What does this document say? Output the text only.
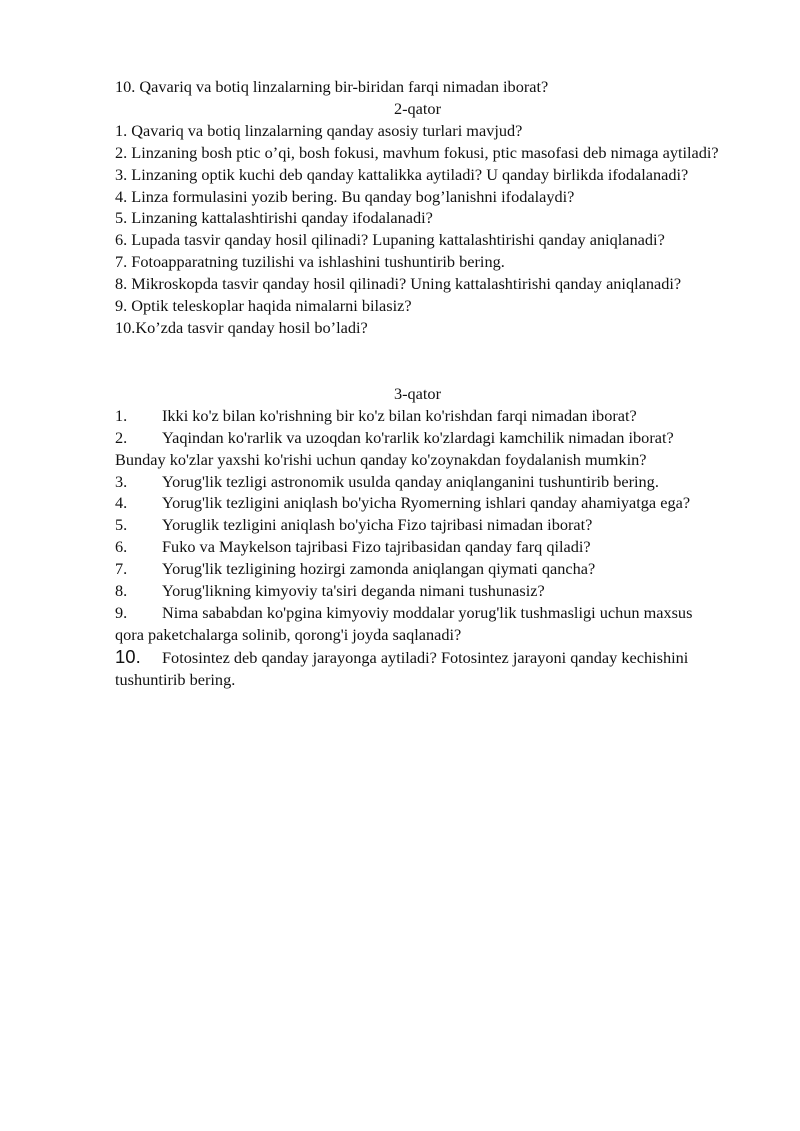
10. Qavariq va botiq linzalarning bir-biridan farqi nimadan iborat?
2-qator
1. Qavariq va botiq linzalarning qanday asosiy turlari mavjud?
2. Linzaning bosh ptic o’qi, bosh fokusi, mavhum fokusi, ptic masofasi deb nimaga aytiladi?
3. Linzaning optik kuchi deb qanday kattalikka aytiladi? U qanday birlikda ifodalanadi?
4. Linza formulasini yozib bering. Bu qanday bog’lanishni ifodalaydi?
5. Linzaning kattalashtirishi qanday ifodalanadi?
6. Lupada tasvir qanday hosil qilinadi? Lupaning kattalashtirishi qanday aniqlanadi?
7. Fotoapparatning tuzilishi va ishlashini tushuntirib bering.
8. Mikroskopda tasvir qanday hosil qilinadi? Uning kattalashtirishi qanday aniqlanadi?
9. Optik teleskoplar haqida nimalarni bilasiz?
10.Ko’zda tasvir qanday hosil bo’ladi?
3-qator
1. Ikki ko'z bilan ko'rishning bir ko'z bilan ko'rishdan farqi nimadan iborat?
2. Yaqindan ko'rarlik va uzoqdan ko'rarlik ko'zlardagi kamchilik nimadan iborat? Bunday ko'zlar yaxshi ko'rishi uchun qanday ko'zoynakdan foydalanish mumkin?
3. Yorug'lik tezligi astronomik usulda qanday aniqlanganini tushuntirib bering.
4. Yorug'lik tezligini aniqlash bo'yicha Ryomerning ishlari qanday ahamiyatga ega?
5. Yoruglik tezligini aniqlash bo'yicha Fizo tajribasi nimadan iborat?
6. Fuko va Maykelson tajribasi Fizo tajribasidan qanday farq qiladi?
7. Yorug'lik tezligining hozirgi zamonda aniqlangan qiymati qancha?
8. Yorug'likning kimyoviy ta'siri deganda nimani tushunasiz?
9. Nima sababdan ko'pgina kimyoviy moddalar yorug'lik tushmasligi uchun maxsus qora paketchalarga solinib, qorong'i joyda saqlanadi?
10. Fotosintez deb qanday jarayonga aytiladi? Fotosintez jarayoni qanday kechishini tushuntirib bering.
